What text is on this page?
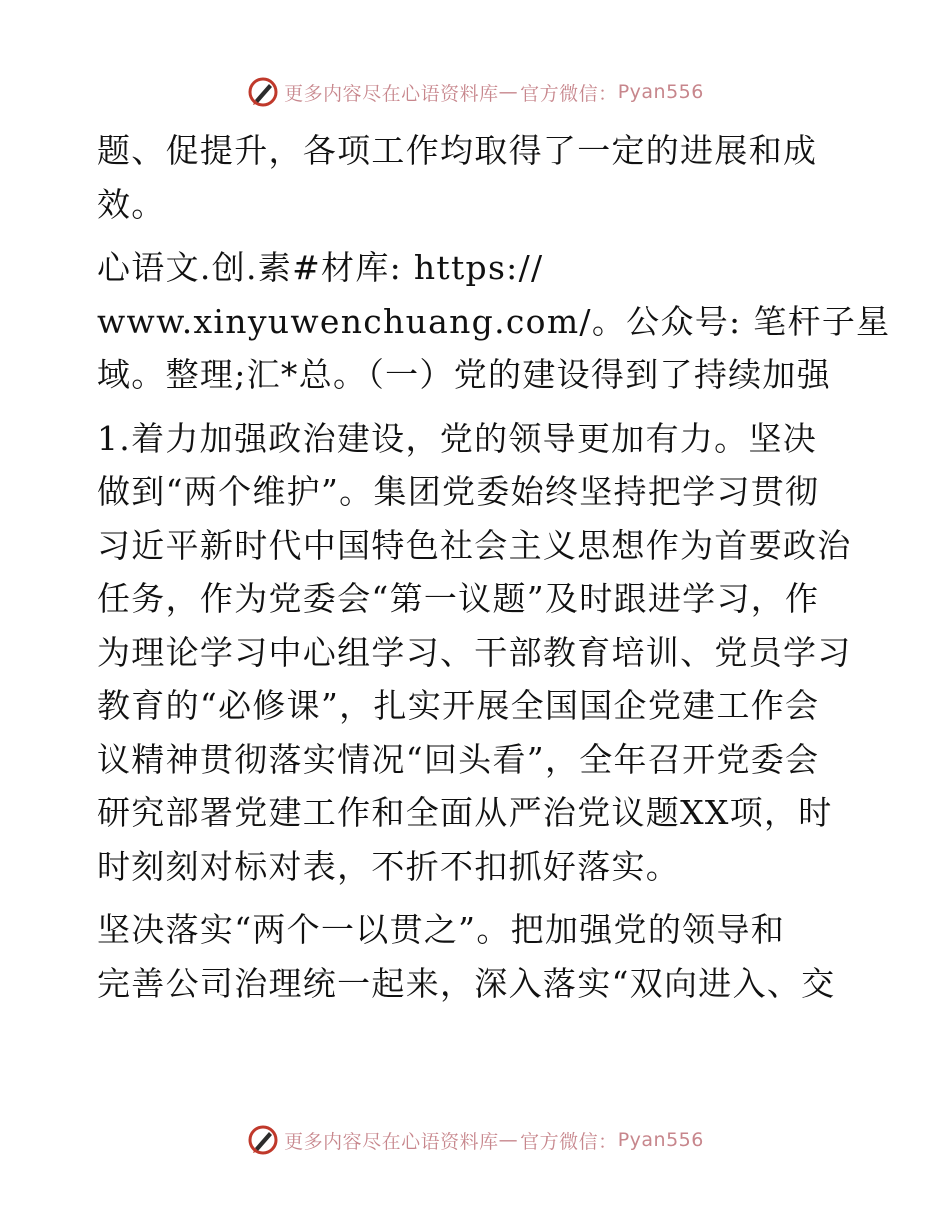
更多内容尽在心语资料库 — 官方微信： Pyan556

题、促提升，各项工作均取得了一定的进展和成
效。

心语文.创.素#材库: https://
www.xinyuwenchuang.com/。公众号: 笔杆子星
域。整理;汇*总。（一）党的建设得到了持续加强

1.着力加强政治建设，党的领导更加有力。坚决
做到“两个维护”。集团党委始终坚持把学习贯彻
习近平新时代中国特色社会主义思想作为首要政治
任务，作为党委会“第一议题”及时跟进学习，作
为理论学习中心组学习、干部教育培训、党员学习
教育的“必修课”，扎实开展全国国企党建工作会
议精神贯彻落实情况“回头看”，全年召开党委会
研究部署党建工作和全面从严治党议题XX项，时
时刻刻对标对表，不折不扣抓好落实。

坚决落实“两个一以贯之”。把加强党的领导和
完善公司治理统一起来，深入落实“双向进入、交

更多内容尽在心语资料库 — 官方微信： Pyan556
